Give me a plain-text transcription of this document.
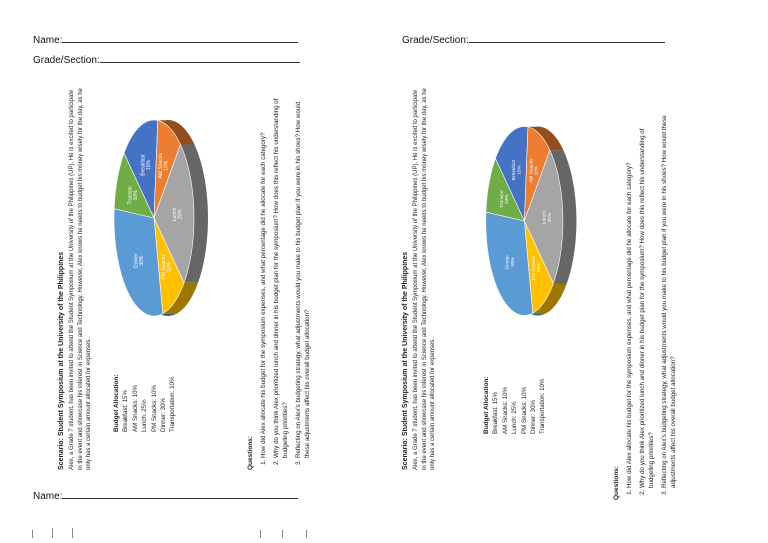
Name:
Grade/Section:
Grade/Section:
Name:
Scenario: Student Symposium at the University of the Philippines Alex, a Grade 7 student, has been invited to attend the Student Symposium at the University of the Philippines (UP). He is excited to participate in the event and showcase his interest in Science and Technology. However, Alex knows he needs to budget his money wisely for the day, as he only has a certain amount allocated for expenses.

Breakfast15% AM Snacks10%
Lunch25%
PM Snacks10%
Dinner30%
Transpo10%
Budget Allocation: Breakfast: 15% AM Snacks: 10% Lunch: 25% PM Snacks: 10% Dinner: 30% Transportation: 10%
Questions: 1. How did Alex allocate his budget for the symposium expenses, and what percentage did he allocate for each category? 2. Why do you think Alex prioritized lunch and dinner in his budget plan for the symposium? How does this reflect his understanding of budgeting priorities? 3. Reflecting on Alex's budgeting strategy, what adjustments would you make to his budget plan if you were in his shoes? How would these adjustments affect his overall budget allocation?	Scenario: Student Symposium at the University of the Philippines Alex, a Grade 7 student, has been invited to attend the Student Symposium at the University of the Philippines (UP). He is excited to participate in the event and showcase his interest in Science and Technology. However, Alex knows he needs to budget his money wisely for the day, as he only has a certain amount allocated for expenses.

Breakfast15% AM Snacks10%
Lunch25%
PM Snacks10%
Dinner30%
Transpo10%
Budget Allocation: Breakfast: 15% AM Snacks: 10% Lunch: 25% PM Snacks: 10% Dinner: 30% Transportation: 10%
Questions: 1. How did Alex allocate his budget for the symposium expenses, and what percentage did he allocate for each category? 2. Why do you think Alex prioritized lunch and dinner in his budget plan for the symposium? How does this reflect his understanding of budgeting priorities? 3. Reflecting on Alex's budgeting strategy, what adjustments would you make to his budget plan if you were in his shoes? How would these adjustments affect his overall budget allocation?
